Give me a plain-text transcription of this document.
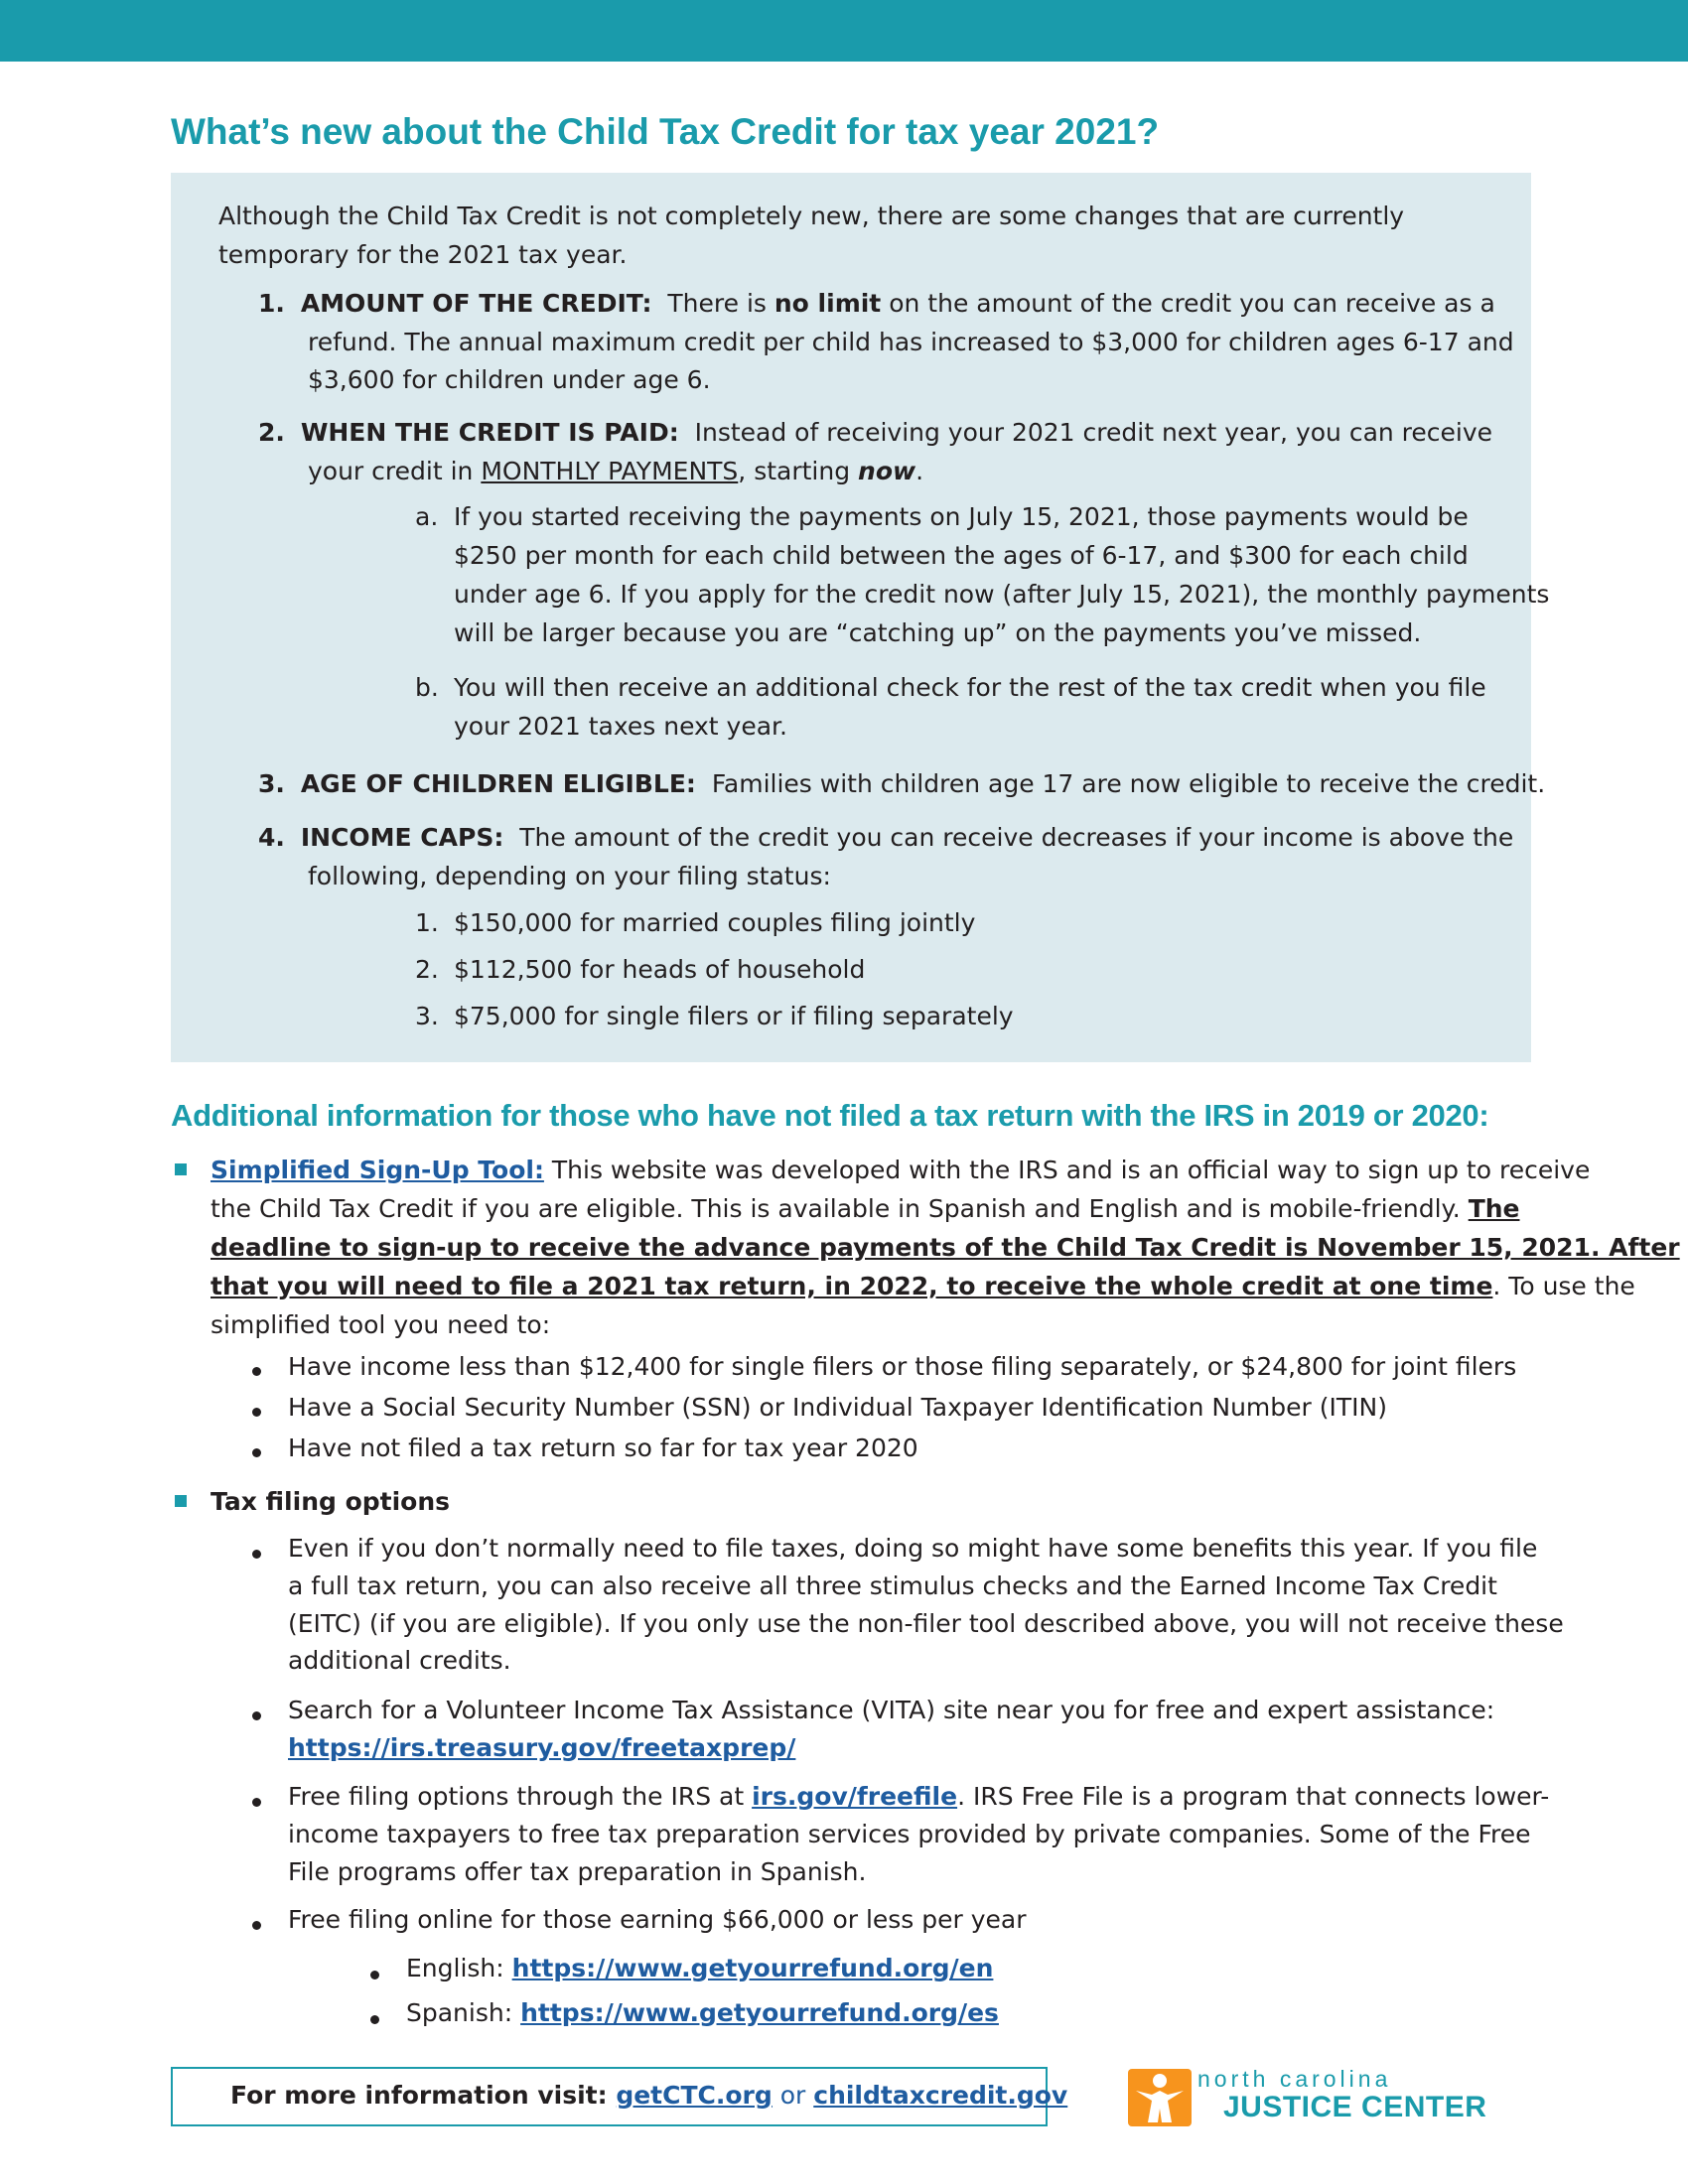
What’s new about the Child Tax Credit for tax year 2021?
Although the Child Tax Credit is not completely new, there are some changes that are currently
temporary for the 2021 tax year.
1. AMOUNT OF THE CREDIT: There is no limit on the amount of the credit you can receive as a
refund. The annual maximum credit per child has increased to $3,000 for children ages 6-17 and
$3,600 for children under age 6.
2. WHEN THE CREDIT IS PAID: Instead of receiving your 2021 credit next year, you can receive
your credit in MONTHLY PAYMENTS, starting now.
a. If you started receiving the payments on July 15, 2021, those payments would be
$250 per month for each child between the ages of 6-17, and $300 for each child
under age 6. If you apply for the credit now (after July 15, 2021), the monthly payments
will be larger because you are “catching up” on the payments you’ve missed.
b. You will then receive an additional check for the rest of the tax credit when you file
your 2021 taxes next year.
3. AGE OF CHILDREN ELIGIBLE: Families with children age 17 are now eligible to receive the credit.
4. INCOME CAPS: The amount of the credit you can receive decreases if your income is above the
following, depending on your filing status:
1. $150,000 for married couples filing jointly
2. $112,500 for heads of household
3. $75,000 for single filers or if filing separately
Additional information for those who have not filed a tax return with the IRS in 2019 or 2020:
Simplified Sign-Up Tool: This website was developed with the IRS and is an official way to sign up to receive
the Child Tax Credit if you are eligible. This is available in Spanish and English and is mobile-friendly. The
deadline to sign-up to receive the advance payments of the Child Tax Credit is November 15, 2021. After
that you will need to file a 2021 tax return, in 2022, to receive the whole credit at one time. To use the
simplified tool you need to:
Have income less than $12,400 for single filers or those filing separately, or $24,800 for joint filers
Have a Social Security Number (SSN) or Individual Taxpayer Identification Number (ITIN)
Have not filed a tax return so far for tax year 2020
Tax filing options
Even if you don’t normally need to file taxes, doing so might have some benefits this year. If you file
a full tax return, you can also receive all three stimulus checks and the Earned Income Tax Credit
(EITC) (if you are eligible). If you only use the non-filer tool described above, you will not receive these
additional credits.
Search for a Volunteer Income Tax Assistance (VITA) site near you for free and expert assistance:
https://irs.treasury.gov/freetaxprep/
Free filing options through the IRS at irs.gov/freefile. IRS Free File is a program that connects lower-
income taxpayers to free tax preparation services provided by private companies. Some of the Free
File programs offer tax preparation in Spanish.
Free filing online for those earning $66,000 or less per year
English: https://www.getyourrefund.org/en
Spanish: https://www.getyourrefund.org/es
For more information visit: getCTC.org or childtaxcredit.gov
north carolina
JUSTICE CENTER
